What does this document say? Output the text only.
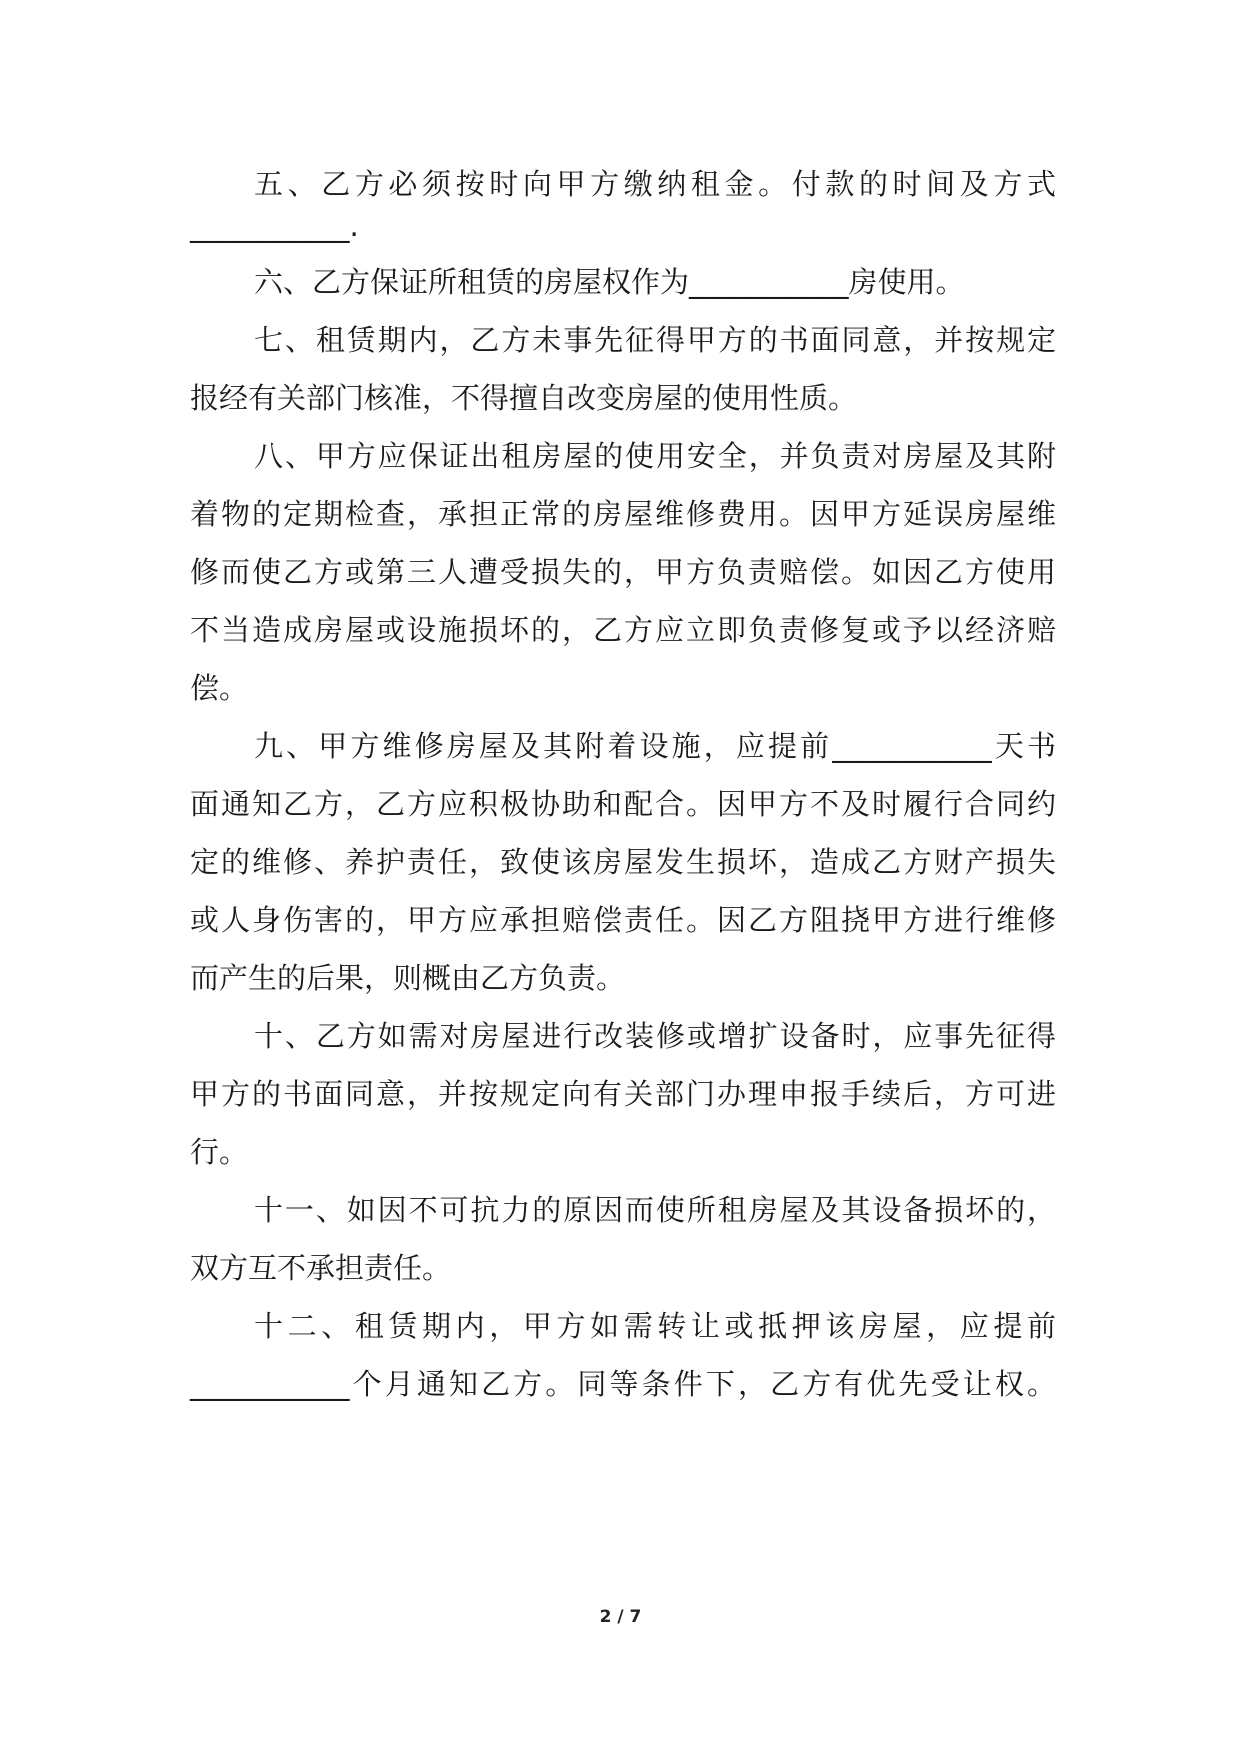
五、乙方必须按时向甲方缴纳租金。付款的时间及方式

___________.

六、乙方保证所租赁的房屋权作为___________房使用。

七、租赁期内，乙方未事先征得甲方的书面同意，并按规定

报经有关部门核准，不得擅自改变房屋的使用性质。

八、甲方应保证出租房屋的使用安全，并负责对房屋及其附

着物的定期检查，承担正常的房屋维修费用。因甲方延误房屋维

修而使乙方或第三人遭受损失的，甲方负责赔偿。如因乙方使用

不当造成房屋或设施损坏的，乙方应立即负责修复或予以经济赔

偿。

九、甲方维修房屋及其附着设施，应提前___________天书

面通知乙方，乙方应积极协助和配合。因甲方不及时履行合同约

定的维修、养护责任，致使该房屋发生损坏，造成乙方财产损失

或人身伤害的，甲方应承担赔偿责任。因乙方阻挠甲方进行维修

而产生的后果，则概由乙方负责。

十、乙方如需对房屋进行改装修或增扩设备时，应事先征得

甲方的书面同意，并按规定向有关部门办理申报手续后，方可进

行。

十一、如因不可抗力的原因而使所租房屋及其设备损坏的，

双方互不承担责任。

十二、租赁期内，甲方如需转让或抵押该房屋，应提前

___________个月通知乙方。同等条件下，乙方有优先受让权。

2 / 7
